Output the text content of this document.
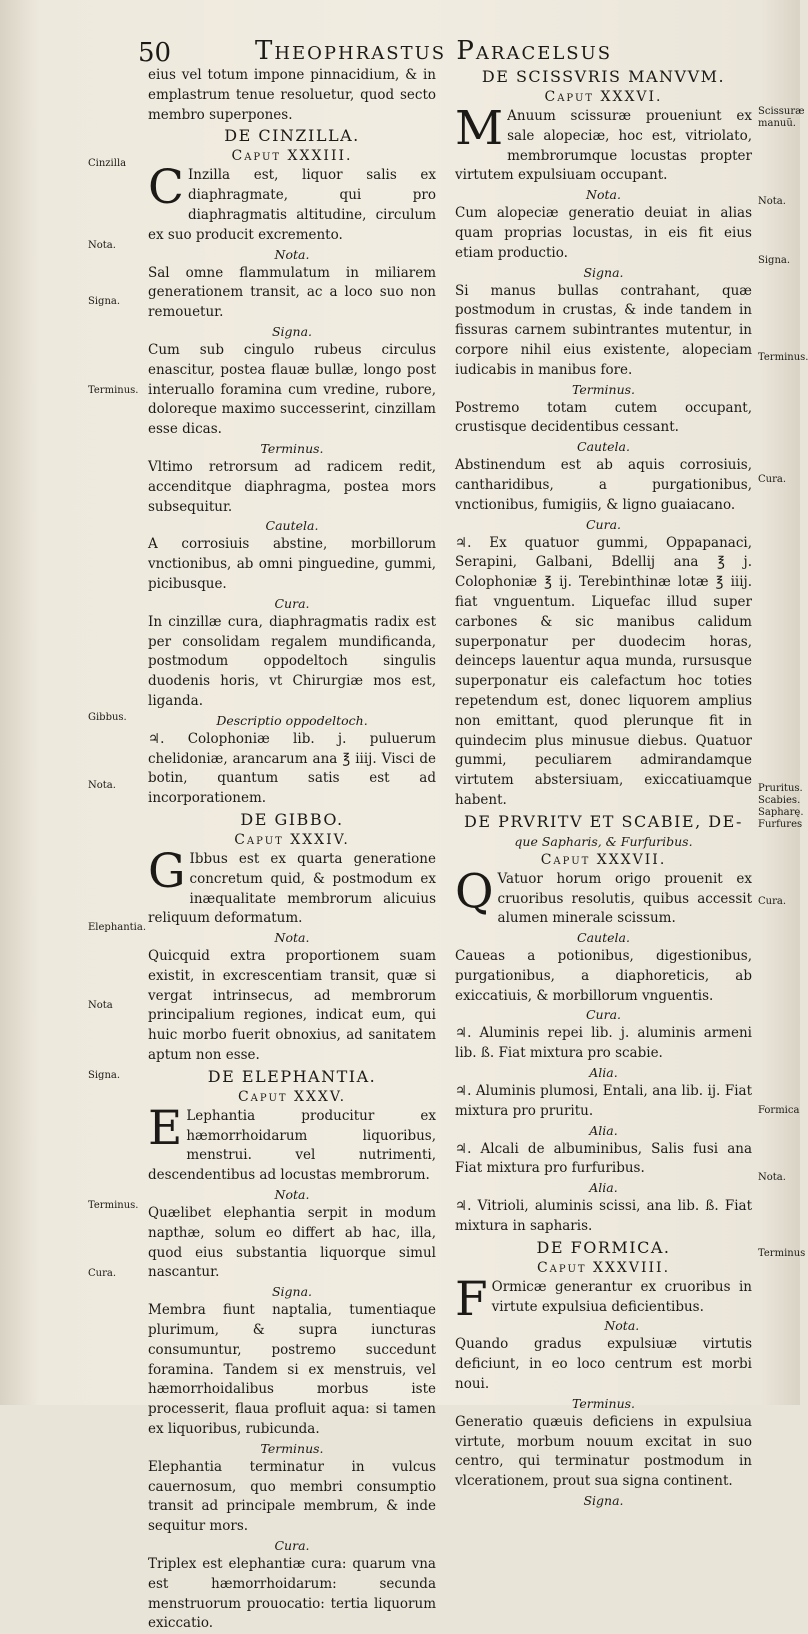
50	Theophrastus Paracelsus
eius vel totum impone pinnacidium, & in emplastrum tenue resoluetur, quod secto membro superpones.
DE CINZILLA.
Caput XXXIII.
C Inzilla est, liquor salis ex diaphragmate, qui pro diaphragmatis altitudine, circulum ex suo producit excremento.
Nota.
Sal omne flammulatum in miliarem generationem transit, ac a loco suo non remouetur.
Signa.
Cum sub cingulo rubeus circulus enascitur, postea flauæ bullæ, longo post interuallo foramina cum vredine, rubore, doloreque maximo successerint, cinzillam esse dicas.
Terminus.
Vltimo retrorsum ad radicem redit, accenditque diaphragma, postea mors subsequitur.
Cautela.
A corrosiuis abstine, morbillorum vnctionibus, ab omni pinguedine, gummi, picibusque.
Cura.
In cinzillæ cura, diaphragmatis radix est per consolidam regalem mundificanda, postmodum oppodeltoch singulis duodenis horis, vt Chirurgiæ mos est, liganda.
Descriptio oppodeltoch.
♃. Colophoniæ lib. j. puluerum chelidoniæ, arancarum ana ℥ iiij. Visci de botin, quantum satis est ad incorporationem.
DE GIBBO.
Caput XXXIV.
G Ibbus est ex quarta generatione concretum quid, & postmodum ex inæqualitate membrorum alicuius reliquum deformatum.
Nota.
Quicquid extra proportionem suam existit, in excrescentiam transit, quæ si vergat intrinsecus, ad membrorum principalium regiones, indicat eum, qui huic morbo fuerit obnoxius, ad sanitatem aptum non esse.
DE ELEPHANTIA.
Caput XXXV.
E Lephantia producitur ex hæmorrhoidarum liquoribus, menstrui. vel nutrimenti, descendentibus ad locustas membrorum.
Nota.
Quælibet elephantia serpit in modum napthæ, solum eo differt ab hac, illa, quod eius substantia liquorque simul nascantur.
Signa.
Membra fiunt naptalia, tumentiaque plurimum, & supra iuncturas consumuntur, postremo succedunt foramina. Tandem si ex menstruis, vel hæmorrhoidalibus morbus iste processerit, flaua profluit aqua: si tamen ex liquoribus, rubicunda.
Terminus.
Elephantia terminatur in vulcus cauernosum, quo membri consumptio transit ad principale membrum, & inde sequitur mors.
Cura.
Triplex est elephantiæ cura: quarum vna est hæmorrhoidarum: secunda menstruorum prouocatio: tertia liquorum exiccatio.
DE SCISSVRIS MANVVM.
Caput XXXVI.
M Anuum scissuræ proueniunt ex sale alopeciæ, hoc est, vitriolato, membrorumque locustas propter virtutem expulsiuam occupant.
Nota.
Cum alopeciæ generatio deuiat in alias quam proprias locustas, in eis fit eius etiam productio.
Signa.
Si manus bullas contrahant, quæ postmodum in crustas, & inde tandem in fissuras carnem subintrantes mutentur, in corpore nihil eius existente, alopeciam iudicabis in manibus fore.
Terminus.
Postremo totam cutem occupant, crustisque decidentibus cessant.
Cautela.
Abstinendum est ab aquis corrosiuis, cantharidibus, a purgationibus, vnctionibus, fumigiis, & ligno guaiacano.
Cura.
♃. Ex quatuor gummi, Oppapanaci, Serapini, Galbani, Bdellij ana ℥ j. Colophoniæ ℥ ij. Terebinthinæ lotæ ℥ iiij. fiat vnguentum. Liquefac illud super carbones & sic manibus calidum superponatur per duodecim horas, deinceps lauentur aqua munda, rursusque superponatur eis calefactum hoc toties repetendum est, donec liquorem amplius non emittant, quod plerunque fit in quindecim plus minusue diebus. Quatuor gummi, peculiarem admirandamque virtutem abstersiuam, exiccatiuamque habent.
DE PRVRITV ET SCABIE, DE-
que Sapharis, & Furfuribus.
Caput XXXVII.
Q Vatuor horum origo prouenit ex cruoribus resolutis, quibus accessit alumen minerale scissum.
Cautela.
Caueas a potionibus, digestionibus, purgationibus, a diaphoreticis, ab exiccatiuis, & morbillorum vnguentis.
Cura.
♃. Aluminis repei lib. j. aluminis armeni lib. ß. Fiat mixtura pro scabie.
Alia.
♃. Aluminis plumosi, Entali, ana lib. ij. Fiat mixtura pro pruritu.
Alia.
♃. Alcali de albuminibus, Salis fusi ana Fiat mixtura pro furfuribus.
Alia.
♃. Vitrioli, aluminis scissi, ana lib. ß. Fiat mixtura in sapharis.
DE FORMICA.
Caput XXXVIII.
F Ormicæ generantur ex cruoribus in virtute expulsiua deficientibus.
Nota.
Quando gradus expulsiuæ virtutis deficiunt, in eo loco centrum est morbi noui.
Terminus.
Generatio quæuis deficiens in expulsiua virtute, morbum nouum excitat in suo centro, qui terminatur postmodum in vlcerationem, prout sua signa continent.
Signa.
Cinzilla
Nota.
Signa.
Terminus.
Gibbus.
Nota.
Elephantia.
Nota
Signa.
Terminus.
Cura.
Scissuræ manuũ.
Nota.
Signa.
Terminus.
Cura.
Pruritus. Scabies. Sapharę. Furfures
Cura.
Formica
Nota.
Terminus
